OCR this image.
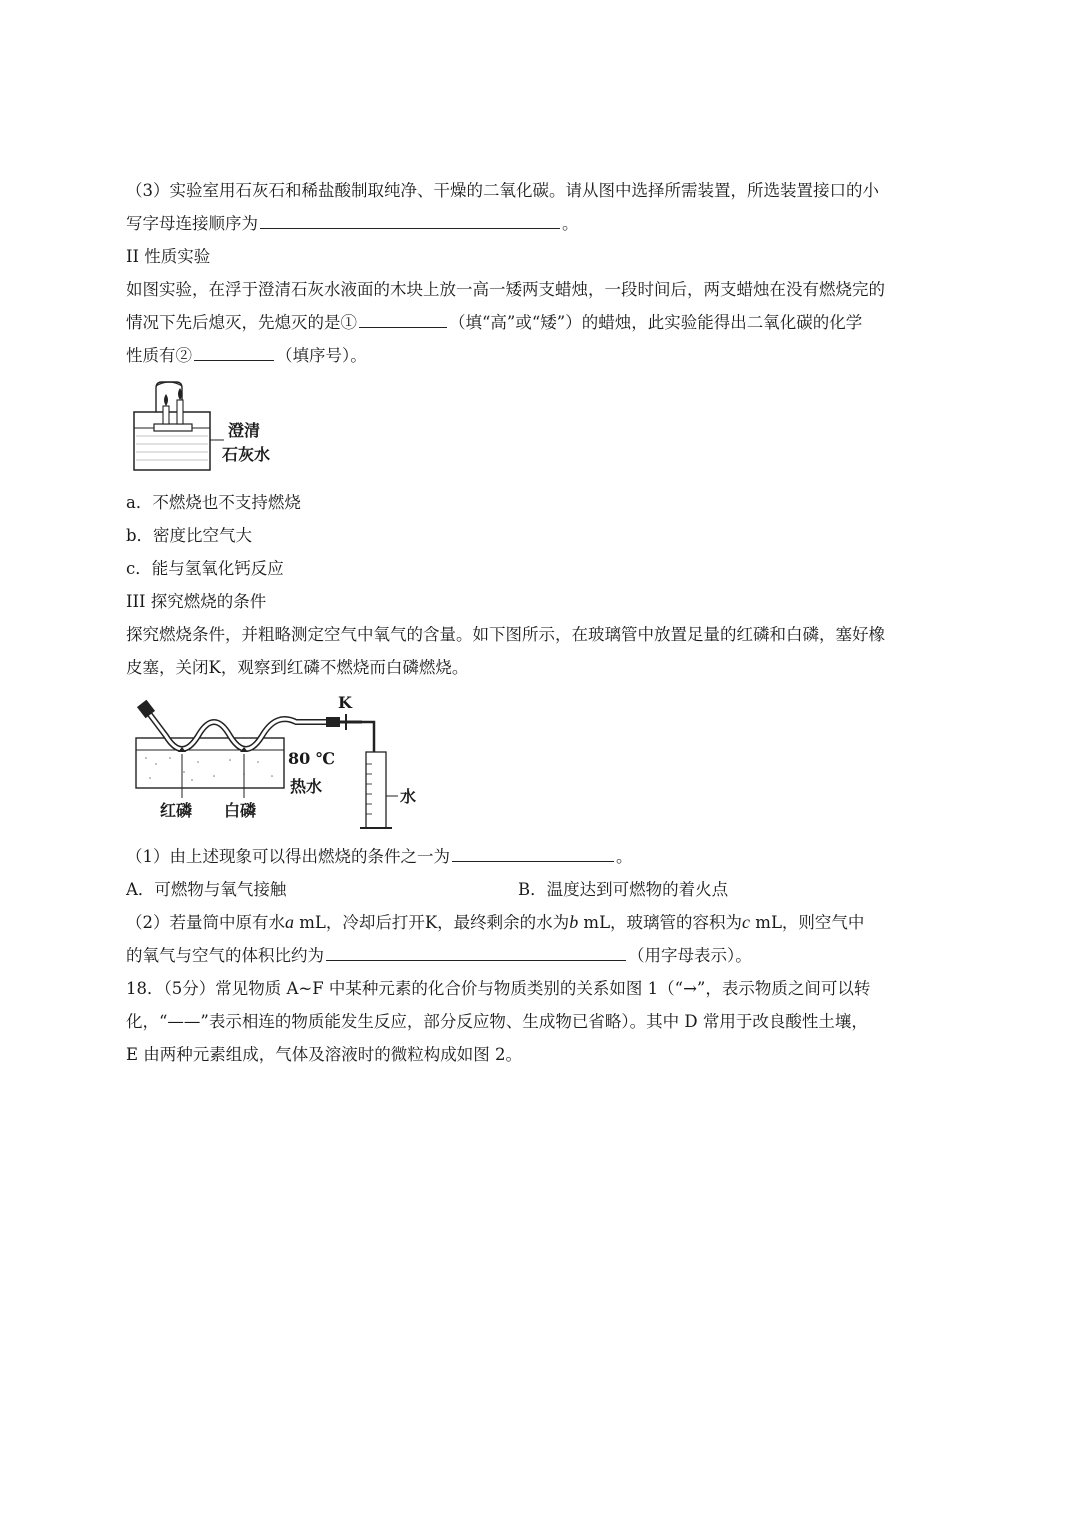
（3）实验室用石灰石和稀盐酸制取纯净、干燥的二氧化碳。请从图中选择所需装置，所选装置接口的小

写字母连接顺序为	。

II 性质实验

如图实验，在浮于澄清石灰水液面的木块上放一高一矮两支蜡烛，一段时间后，两支蜡烛在没有燃烧完的

情况下先后熄灭，先熄灭的是①	（填“高”或“矮”）的蜡烛，此实验能得出二氧化碳的化学

性质有②	（填序号）。

澄清
石灰水

a．不燃烧也不支持燃烧

b．密度比空气大

c．能与氢氧化钙反应

III 探究燃烧的条件

探究燃烧条件，并粗略测定空气中氧气的含量。如下图所示，在玻璃管中放置足量的红磷和白磷，塞好橡

皮塞，关闭K，观察到红磷不燃烧而白磷燃烧。

K
水
红磷 白磷
80 ℃
热水

（1）由上述现象可以得出燃烧的条件之一为	。

A．可燃物与氧气接触	B．温度达到可燃物的着火点

（2）若量筒中原有水a mL，冷却后打开K，最终剩余的水为b mL，玻璃管的容积为c mL，则空气中

的氧气与空气的体积比约为	（用字母表示）。

18．（5分）常见物质 A~F 中某种元素的化合价与物质类别的关系如图 1（“→”，表示物质之间可以转

化，“——”表示相连的物质能发生反应，部分反应物、生成物已省略）。其中 D 常用于改良酸性土壤，

E 由两种元素组成，气体及溶液时的微粒构成如图 2。
